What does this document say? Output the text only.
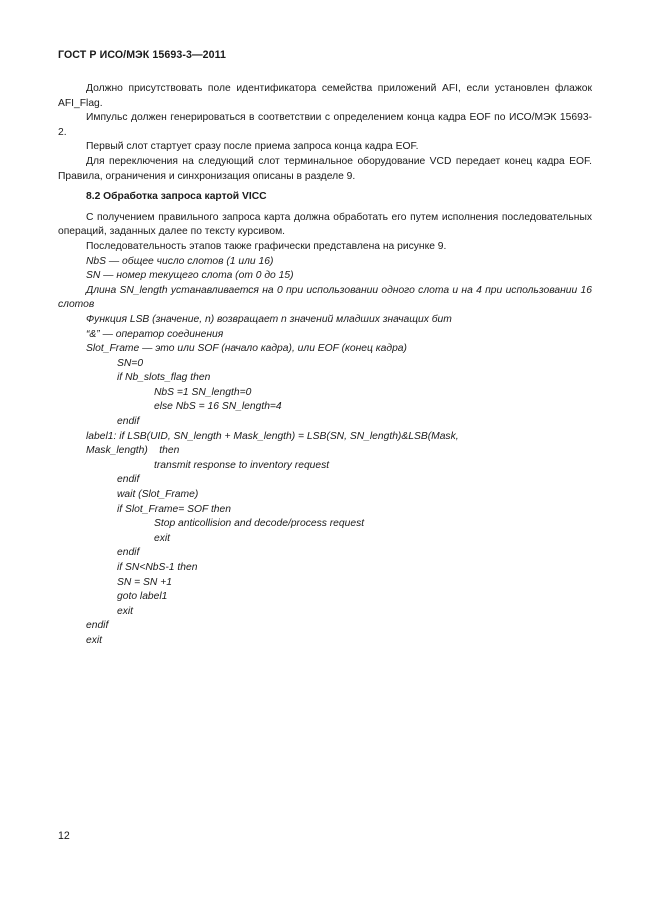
ГОСТ Р ИСО/МЭК 15693-3—2011

Должно присутствовать поле идентификатора семейства приложений AFI, если установлен флажок AFI_Flag.

Импульс должен генерироваться в соответствии с определением конца кадра EOF по ИСО/МЭК 15693-2.

Первый слот стартует сразу после приема запроса конца кадра EOF.

Для переключения на следующий слот терминальное оборудование VCD передает конец кадра EOF. Правила, ограничения и синхронизация описаны в разделе 9.

8.2 Обработка запроса картой VICC

С получением правильного запроса карта должна обработать его путем исполнения последовательных операций, заданных далее по тексту курсивом.

Последовательность этапов также графически представлена на рисунке 9.

NbS — общее число слотов (1 или 16)

SN — номер текущего слота (от 0 до 15)

Длина SN_length устанавливается на 0 при использовании одного слота и на 4 при использовании 16 слотов

Функция LSB (значение, n) возвращает n значений младших значащих бит

“&” — оператор соединения

Slot_Frame — это или SOF (начало кадра), или EOF (конец кадра)

SN=0
if Nb_slots_flag then
NbS =1 SN_length=0
else NbS = 16 SN_length=4
endif
label1: if LSB(UID, SN_length + Mask_length) = LSB(SN, SN_length)&LSB(Mask,
Mask_length)    then
transmit response to inventory request
endif
wait (Slot_Frame)
if Slot_Frame= SOF then
Stop anticollision and decode/process request
exit
endif
if SN<NbS-1 then
SN = SN +1
goto label1
exit
endif
exit
12
